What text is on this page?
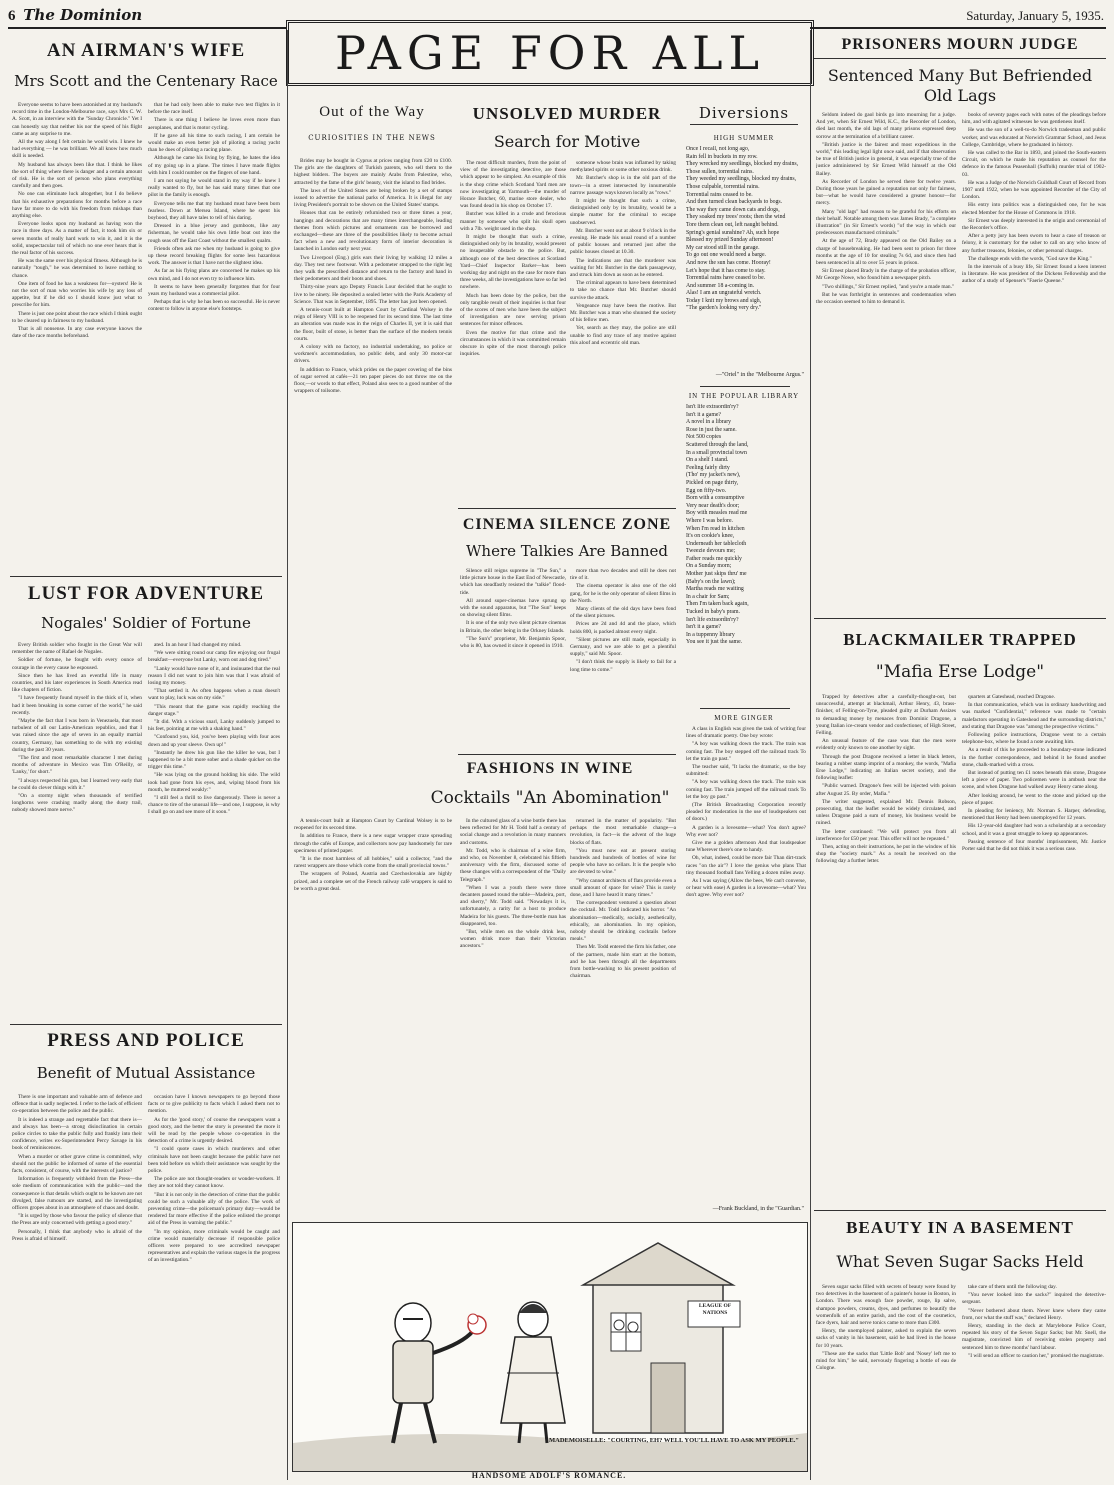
6 The Dominion	Saturday, January 5, 1935.
PAGE FOR ALL
AN AIRMAN'S WIFE
Mrs Scott and the Centenary Race

Everyone seems to have been astonished at my husband's record time in the London-Melbourne race, says Mrs C. W. A. Scott, in an interview with the "Sunday Chronicle." Yet I can honestly say that neither his nor the speed of his flight came as any surprise to me.

All the way along I felt certain he would win. I knew he had everything — he was brilliant. We all know how much skill is needed.

My husband has always been like that. I think he likes the sort of thing where there is danger and a certain amount of risk. He is the sort of person who plans everything carefully and then goes.

No one can eliminate luck altogether, but I do believe that his exhaustive preparations for months before a race have far more to do with his freedom from mishaps than anything else.

Everyone looks upon my husband as having won the race in three days. As a matter of fact, it took him six or seven months of really hard work to win it, and it is the solid, unspectacular toil of which no one ever hears that is the real factor of his success.

He was the same over his physical fitness. Although he is naturally "tough," he was determined to leave nothing to chance.

One item of food he has a weakness for—oysters! He is not the sort of man who worries his wife by any loss of appetite, but if he did so I should know just what to prescribe for him.

There is just one point about the race which I think ought to be cleared up in fairness to my husband.

That is all nonsense. In any case everyone knows the date of the race months beforehand.

that he had only been able to make two test flights in it before the race itself.

There is one thing I believe he loves even more than aeroplanes, and that is motor cycling.

If he gave all his time to such racing, I am certain he would make an even better job of piloting a racing yacht than he does of piloting a racing plane.

Although he came his living by flying, he hates the idea of my going up in a plane. The times I have made flights with him I could number on the fingers of one hand.

I am not saying he would stand in my way if he knew I really wanted to fly, but he has said many times that one pilot in the family is enough.

Everyone tells me that my husband must have been born fearless. Down at Mersea Island, where he spent his boyhood, they all have tales to tell of his daring.

Dressed in a blue jersey and gumboots, like any fisherman, he would take his own little boat out into the rough seas off the East Coast without the smallest qualm.

Friends often ask me when my husband is going to give up these record breaking flights for some less hazardous work. The answer is that I have not the slightest idea.

As far as his flying plans are concerned he makes up his own mind, and I do not even try to influence him.

It seems to have been generally forgotten that for four years my husband was a commercial pilot.

Perhaps that is why he has been so successful. He is never content to follow in anyone else's footsteps.

LUST FOR ADVENTURE
Nogales' Soldier of Fortune

Every British soldier who fought in the Great War will remember the name of Rafael de Nogales.

Soldier of fortune, he fought with every ounce of courage in the every cause he espoused.

Since then he has lived an eventful life in many countries, and his later experiences in South America read like chapters of fiction.

"I have frequently found myself in the thick of it, when had it been breaking in some corner of the world," he said recently.

"Maybe the fact that I was born in Venezuela, that most turbulent of all our Latin-American republics, and that I was raised since the age of seven in an equally martial country, Germany, has something to do with my existing during the past 30 years.

"The first and most remarkable character I met during months of adventure in Mexico was Tim O'Reilly, or 'Lanky,' for short."

"I always respected his gun, but I learned very early that he could do clever things with it."

"On a stormy night when thousands of terrified longhorns were crashing madly along the dusty trail, nobody showed more nerve."

ated. In an hour I had changed my mind.

"We were sitting round our camp fire enjoying our frugal breakfast—everyone but Lanky, worn out and dog tired."

"Lanky would have none of it, and insinuated that the real reason I did not want to join him was that I was afraid of losing my money.

"That settled it. As often happens when a man doesn't want to play, luck was on my side."

"This meant that the game was rapidly reaching the danger stage."

"It did. With a vicious snarl, Lanky suddenly jumped to his feet, pointing at me with a shaking hand."

"Confound you, kid, you've been playing with four aces down and up your sleeve. Own up!"

"Instantly he drew his gun like the killer he was, but I happened to be a bit more sober and a shade quicker on the trigger this time."

"He was lying on the ground holding his side. The wild look had gone from his eyes, and, wiping blood from his mouth, he muttered weakly:"

"I still feel a thrill to live dangerously. There is never a chance to tire of the unusual life—and one, I suppose, is why I shall go on and see more of it soon."

PRESS AND POLICE
Benefit of Mutual Assistance

There is one important and valuable arm of defence and offence that is sadly neglected. I refer to the lack of efficient co-operation between the police and the public.

It is indeed a strange and regrettable fact that there is—and always has been—a strong disinclination in certain police circles to take the public fully and frankly into their confidence, writes ex-Superintendent Percy Savage in his book of reminiscences.

When a murder or other grave crime is committed, why should not the public be informed of some of the essential facts, consistent, of course, with the interests of justice?

Information is frequently withheld from the Press—the sole medium of communication with the public—and the consequence is that details which ought to be known are not divulged, false rumours are started, and the investigating officers gropes about in an atmosphere of chaos and doubt.

"It is urged by those who favour the policy of silence that the Press are only concerned with getting a good story."

Personally, I think that anybody who is afraid of the Press is afraid of himself.

occasion have I known newspapers to go beyond those facts or to give publicity to facts which I asked them not to mention.

As for the 'good story,' of course the newspapers want a good story, and the better the story is presented the more it will be read by the people whose co-operation in the detection of a crime is urgently desired.

"I could quote cases in which murderers and other criminals have not been caught because the public have not been told before on which their assistance was sought by the police.

The police are not thought-readers or wonder-workers. If they are not told they cannot know.

"But it is not only in the detection of crime that the public could be such a valuable ally of the police. The work of preventing crime—the policeman's primary duty—would be rendered far more effective if the police enlisted the prompt aid of the Press in warning the public."

"In my opinion, more criminals would be caught and crime would materially decrease if responsible police officers were prepared to see accredited newspaper representatives and explain the various stages in the progress of an investigation."

Out of the Way
CURIOSITIES IN THE NEWS

Brides may be bought in Cyprus at prices ranging from £20 to £100. The girls are the daughters of Turkish parents, who sell them to the highest bidders. The buyers are mainly Arabs from Palestine, who, attracted by the fame of the girls' beauty, visit the island to find brides.

The laws of the United States are being broken by a set of stamps issued to advertise the national parks of America. It is illegal for any living President's portrait to be shown on the United States' stamps.

Houses that can be entirely refurnished two or three times a year, hangings and decorations that are many times interchangeable, leading themes from which pictures and ornaments can be borrowed and exchanged—these are three of the possibilities likely to become actual fact when a new and revolutionary form of interior decoration is launched in London early next year.

Two Liverpool (Eng.) girls ears their living by walking 12 miles a day. They test new footwear. With a pedometer strapped to the right leg they walk the prescribed distance and return to the factory and hand in their pedometers and their boots and shoes.

Thirty-nine years ago Deputy Francis Lour decided that he ought to live to be ninety. He deposited a sealed letter with the Paris Academy of Science. That was in September, 1895. The letter has just been opened.

A tennis-court built at Hampton Court by Cardinal Wolsey in the reign of Henry VIII is to be reopened for its second time. The last time an alteration was made was in the reign of Charles II, yet it is said that the floor, built of stone, is better than the surface of the modern tennis courts.

A colony with no factory, no industrial undertaking, no police or workmen's accommodation, no public debt, and only 30 motor-car drivers.

In addition to France, which prides on the paper covering of the bins of sugar served at cafés—21 ten paper pieces do not throw me on the floor,—or words to that effect, Poland also sees to a good number of the wrappers of toilsome.

UNSOLVED MURDER
Search for Motive

The most difficult murders, from the point of view of the investigating detective, are those which appear to be simplest. An example of this is the shop crime which Scotland Yard men are now investigating at Yarmouth—the murder of Horace Butcher, 60, marine store dealer, who was found dead in his shop on October 17.

Butcher was killed in a crude and ferocious manner by someone who split his skull open with a 7lb. weight used in the shop.

It might be thought that such a crime, distinguished only by its brutality, would present no insuperable obstacle to the police. But, although one of the best detectives at Scotland Yard—Chief Inspector Barker—has been working day and night on the case for more than three weeks, all the investigations have so far led nowhere.

Much has been done by the police, but the only tangible result of their inquiries is that four of the scores of men who have been the subject of investigation are now serving prison sentences for minor offences.

Even the motive for that crime and the circumstances in which it was committed remain obscure in spite of the most thorough police inquiries.

someone whose brain was inflamed by taking methylated spirits or some other noxious drink.

Mr. Butcher's shop is in the old part of the town—in a street intersected by innumerable narrow passage ways known locally as "rows."

It might be thought that such a crime, distinguished only by its brutality, would be a simple matter for the criminal to escape unobserved.

Mr. Butcher went out at about 9 o'clock in the evening. He made his usual round of a number of public houses and returned just after the public houses closed at 10.30.

The indications are that the murderer was waiting for Mr. Butcher in the dark passageway, and struck him down as soon as he entered.

The criminal appears to have been determined to take no chance that Mr. Butcher should survive the attack.

Vengeance may have been the motive. But Mr. Butcher was a man who shunned the society of his fellow men.

Yet, search as they may, the police are still unable to find any trace of any motive against this aloof and eccentric old man.

CINEMA SILENCE ZONE
Where Talkies Are Banned

Silence still reigns supreme in "The Sun," a little picture house in the East End of Newcastle, which has steadfastly resisted the "talkie" flood-tide.

All around super-cinemas have sprung up with the sound apparatus, but "The Sun" keeps on showing silent films.

It is one of the only two silent picture cinemas in Britain, the other being in the Orkney Islands.

"The Sun's" proprietor, Mr. Benjamin Spoor, who is 80, has owned it since it opened in 1910.

more than two decades and still he does not tire of it.

The cinema operator is also one of the old gang, for he is the only operator of silent films in the North.

Many clients of the old days have been fond of the silent pictures.

Prices are 2d and 4d and the place, which holds 800, is packed almost every night.

"Silent pictures are still made, especially in Germany, and we are able to get a plentiful supply," said Mr. Spoor.

"I don't think the supply is likely to fail for a long time to come."

FASHIONS IN WINE
Cocktails "An Abomination"

A tennis-court built at Hampton Court by Cardinal Wolsey is to be reopened for its second time.

In addition to France, there is a new sugar wrapper craze spreading through the cafés of Europe, and collectors now pay handsomely for rare specimens of printed paper.

"It is the most harmless of all hobbies," said a collector, "and the rarest wrappers are those which come from the small provincial towns."

The wrappers of Poland, Austria and Czechoslovakia are highly prized, and a complete set of the French railway café wrappers is said to be worth a great deal.

In the cultured glass of a wine bottle there has been reflected for Mr H. Todd half a century of social change and a revolution in many manners and customs.

Mr. Todd, who is chairman of a wine firm, and who, on November 8, celebrated his fiftieth anniversary with the firm, discussed some of these changes with a correspondent of the "Daily Telegraph."

"When I was a youth there were three decanters passed round the table—Madeira, port, and sherry," Mr. Todd said. "Nowadays it is, unfortunately, a rarity for a host to produce Madeira for his guests. The three-bottle man has disappeared, too.

"But, while men on the whole drink less, women drink more than their Victorian ancestors."

returned in the matter of popularity. "But perhaps the most remarkable change—a revolution, in fact—is the advent of the huge blocks of flats.

"You must now eat at present storing hundreds and hundreds of bottles of wine for people who have no cellars. It is the people who are devoted to wine."

"Why cannot architects of flats provide even a small amount of space for wine? This is rarely done, and I have heard it many times."

The correspondent ventured a question about the cocktail. Mr. Todd indicated his horror. "An abomination—medically, socially, aesthetically, ethically, an abomination. In my opinion, nobody should be drinking cocktails before meals."

Then Mr. Todd entered the firm his father, one of the partners, made him start at the bottom, and he has been through all the departments from bottle-washing to his present position of chairman.

Diversions
HIGH SUMMER
Once I recall, not long ago,
Rain fell in buckets in my row.
They wrecked my seedlings, blocked my drains,
Those sullen, torrential rains.
They weeded my seedlings, blocked my drains,
Those culpable, torrential rains.
Torrential rains ceased to be.
And then turned clean backyards to bogs.
The way they came down cats and dogs,
They soaked my trees' roots; then the wind
Tore them clean out, left naught behind.
Spring's genial sunshine? Ah, such hope
Blessed my prized Sunday afternoon!
My car stood still in the garage.
To go out one would need a barge.
And now the sun has come. Hooray!
Let's hope that it has come to stay.
Torrential rains have ceased to be.
And summer 18 a-coming in.
Alas! I am an ungrateful wretch.
Today I knit my brows and sigh,
"The garden's looking very dry."
—"Oriel" in the "Melbourne Argus."
IN THE POPULAR LIBRARY
Isn't life extraordin'ry?
Isn't it a game?
A novel in a library
Rose in just the same.
Not 500 copies
Scattered through the land,
In a small provincial town
On a shelf I stand.
Feeling fairly dirty
(Tho' my jacket's new),
Pickled on page thirty,
Egg on fifty-two.
Born with a consumptive
Very near death's door;
Boy with measles read me
Where I was before.
When I'm read in kitchen
It's on cookie's knee,
Underneath her tablecloth
Tweezie devours me;
Father reads me quickly
On a Sunday morn;
Mother just skips thru' me
(Baby's on the lawn);
Martha reads me waiting
In a chair for Sam;
Then I'm taken back again,
Tucked in baby's pram.
Isn't life extraordin'ry?
Isn't it a game?
In a tuppenny library
You see it just the same.
MORE GINGER

A class in English was given the task of writing four lines of dramatic poetry. One boy wrote:

"A boy was walking down the track. The train was coming fast. The boy stepped off the railroad track To let the train go past."

The teacher said, "It lacks the dramatic, so the boy submitted:

"A boy was walking down the track. The train was coming fast. The train jumped off the railroad track To let the boy go past."

(The British Broadcasting Corporation recently pleaded for moderation in the use of loudspeakers out of doors.)

A garden is a lovesome—what? You don't agree? Why ever not?

Give me a golden afternoon And that loudspeaker tune Wherever there's one to handy.

Oh, what, indeed, could be more fair Than dirt-track races "on the air"? I love the genius who plans That tiny thousand football fans Yelling a dozen miles away.

As I was saying (Allow the bees, We can't converse, or hear with ease) A garden is a lovesome—what? You don't agree. Why ever not?

—Frank Buckland, in the "Guardian."
LEAGUE OF NATIONS
MADEMOISELLE: "COURTING, EH? WELL YOU'LL HAVE TO ASK MY PEOPLE."
HANDSOME ADOLF'S ROMANCE.
PRISONERS MOURN JUDGE
Sentenced Many But Befriended Old Lags

Seldom indeed do gaol birds go into mourning for a judge. And yet, when Sir Ernest Wild, K.C., the Recorder of London, died last month, the old lags of many prisons expressed deep sorrow at the termination of a brilliant career.

"British justice is the fairest and most expeditious in the world," this leading legal light once said, and if that observation be true of British justice in general, it was especially true of the justice administered by Sir Ernest Wild himself at the Old Bailey.

As Recorder of London he served there for twelve years. During those years he gained a reputation not only for fairness, but—what he would have considered a greater honour—for mercy.

Many "old lags" had reason to be grateful for his efforts on their behalf. Notable among them was James Brady, "a complete illustration" (in Sir Ernest's words) "of the way in which our predecessors manufactured criminals."

At the age of 72, Brady appeared on the Old Bailey on a charge of housebreaking. He had been sent to prison for three months at the age of 10 for stealing 7s 6d, and since then had been sentenced in all to over 55 years in prison.

Sir Ernest placed Brady in the charge of the probation officer, Mr George Nowe, who found him a newspaper pitch.

"Two shillings," Sir Ernest replied, "and you're a made man."

But he was forthright in sentences and condemnation when the occasion seemed to him to demand it.

books of seventy pages each with notes of the pleadings before him, and with agitated witnesses he was gentleness itself.

He was the son of a well-to-do Norwich tradesman and public worker, and was educated at Norwich Grammar School, and Jesus College, Cambridge, where he graduated in history.

He was called to the Bar in 1893, and joined the South-eastern Circuit, on which he made his reputation as counsel for the defence in the famous Peasenhall (Suffolk) murder trial of 1902-03.

He was a Judge of the Norwich Guildhall Court of Record from 1907 until 1922, when he was appointed Recorder of the City of London.

His entry into politics was a distinguished one, for he was elected Member for the House of Commons in 1918.

Sir Ernest was deeply interested in the origin and ceremonial of the Recorder's office.

After a petty jury has been sworn to hear a case of treason or felony, it is customary for the usher to call on any who know of any further treasons, felonies, or other personal charges.

The challenge ends with the words, "God save the King."

In the intervals of a busy life, Sir Ernest found a keen interest in literature. He was president of the Dickens Fellowship and the author of a study of Spenser's "Faerie Queene."

BLACKMAILER TRAPPED
"Mafia Erse Lodge"

Trapped by detectives after a carefully-thought-out, but unsuccessful, attempt at blackmail, Arthur Henry, 43, brass-finisher, of Felling-on-Tyne, pleaded guilty at Durham Assizes to demanding money by menaces from Dominic Dragone, a young Italian ice-cream vendor and confectioner, of High Street, Felling.

An unusual feature of the case was that the men were evidently only known to one another by sight.

Through the post Dragone received a letter in black letters, bearing a rubber stamp imprint of a monkey, the words, "Mafia Erse Lodge," indicating an Italian secret society, and the following leaflet:

"Public warned. Dragone's fees will be injected with poison after August 25. By order, Mafia."

The writer suggested, explained Mr. Dennis Robson, prosecuting, that the leaflet would be widely circulated, and unless Dragone paid a sum of money, his business would be ruined.

The letter continued: "We will protect you from all interference for £50 per year. This offer will not be repeated."

Then, acting on their instructions, he put in the window of his shop the "society mark." As a result he received on the following day a further letter.

quarters at Gateshead, reached Dragone.

In that communication, which was in ordinary handwriting and was marked "Confidential," reference was made to "certain malefactors operating in Gateshead and the surrounding districts," and stating that Dragone was "among the prospective victims."

Following police instructions, Dragone went to a certain telephone-box, where he found a note awaiting him.

As a result of this he proceeded to a boundary-stone indicated in the further correspondence, and behind it he found another stone, chalk-marked with a cross.

But instead of putting ten £1 notes beneath this stone, Dragone left a piece of paper. Two policemen were in ambush near the scene, and when Dragone had walked away Henry came along.

After looking around, he went to the stone and picked up the piece of paper.

In pleading for leniency, Mr. Norman S. Harper, defending, mentioned that Henry had been unemployed for 12 years.

His 12-year-old daughter had won a scholarship at a secondary school, and it was a great struggle to keep up appearances.

Passing sentence of four months' imprisonment, Mr. Justice Porter said that he did not think it was a serious case.

BEAUTY IN A BASEMENT
What Seven Sugar Sacks Held

Seven sugar sacks filled with secrets of beauty were found by two detectives in the basement of a painter's house in Boston, in London. There was enough face powder, rouge, lip salve, shampoo powders, creams, dyes, and perfumes to beautify the womenfolk of an entire parish, and the cost of the cosmetics, face dyers, hair and nerve tonics came to more than £300.

Henry, the unemployed painter, asked to explain the seven sacks of vanity in his basement, said he had lived in the house for 10 years.

"These are the sacks that 'Little Bob' and 'Nosey' left me to mind for him," he said, nervously fingering a bottle of eau de Cologne.

take care of them until the following day.

"You never looked into the sacks?" inquired the detective-sergeant.

"Never bothered about them. Never knew where they came from, nor what the stuff was," declared Henry.

Henry, standing in the dock at Marylebone Police Court, repeated his story of the Seven Sugar Sacks; but Mr. Snell, the magistrate, convicted him of receiving stolen property and sentenced him to three months' hard labour.

"I will send an officer to caution her," promised the magistrate.
